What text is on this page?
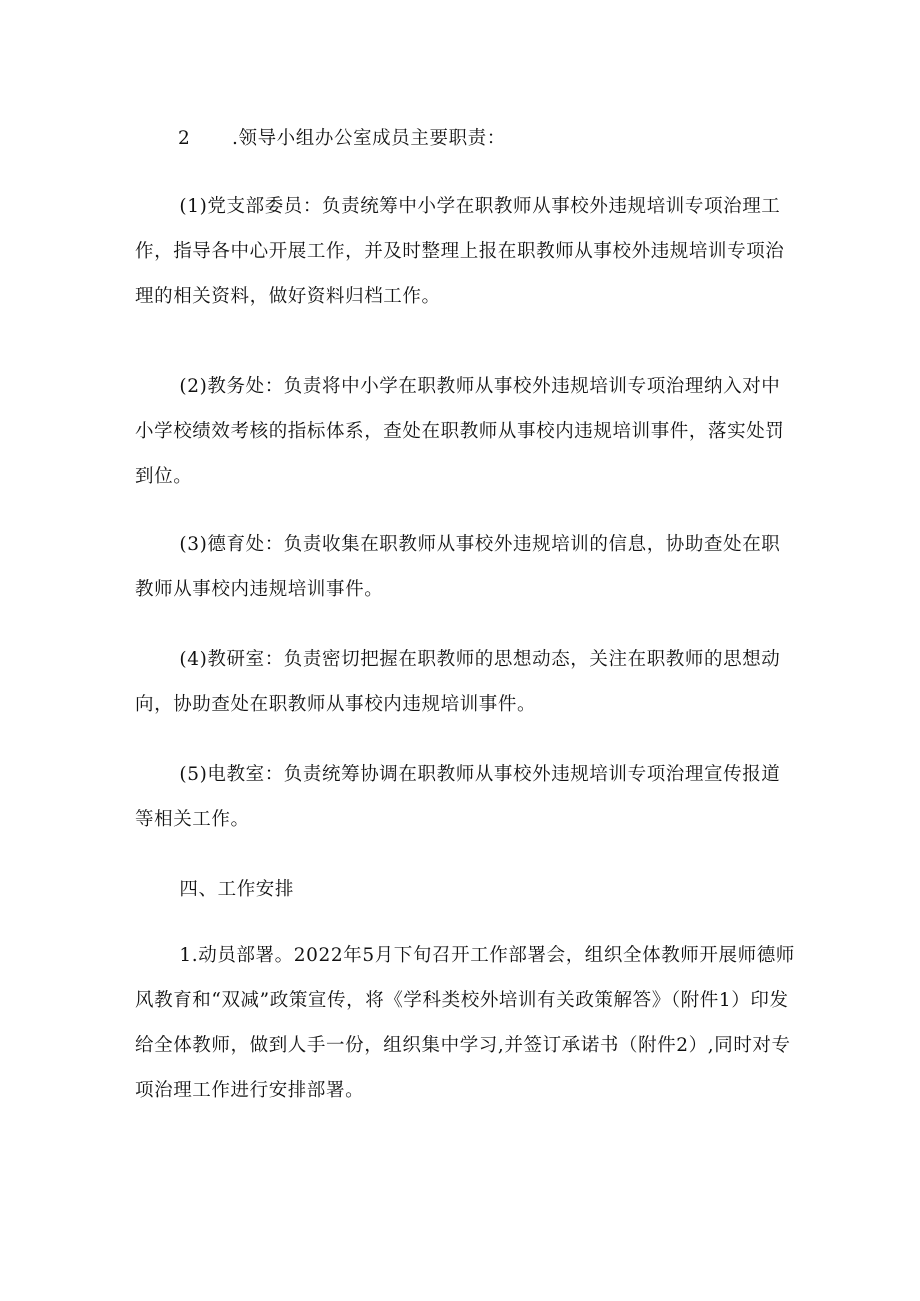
2 .领导小组办公室成员主要职责：

(1)党支部委员：负责统筹中小学在职教师从事校外违规培训专项治理工作，指导各中心开展工作，并及时整理上报在职教师从事校外违规培训专项治理的相关资料，做好资料归档工作。

(2)教务处：负责将中小学在职教师从事校外违规培训专项治理纳入对中小学校绩效考核的指标体系，查处在职教师从事校内违规培训事件，落实处罚到位。

(3)德育处：负责收集在职教师从事校外违规培训的信息，协助查处在职教师从事校内违规培训事件。

(4)教研室：负责密切把握在职教师的思想动态，关注在职教师的思想动向，协助查处在职教师从事校内违规培训事件。

(5)电教室：负责统筹协调在职教师从事校外违规培训专项治理宣传报道等相关工作。

四、工作安排

1.动员部署。2022年5月下旬召开工作部署会，组织全体教师开展师德师风教育和“双减”政策宣传，将《学科类校外培训有关政策解答》（附件1）印发给全体教师，做到人手一份，组织集中学习,并签订承诺书（附件2）,同时对专项治理工作进行安排部署。
